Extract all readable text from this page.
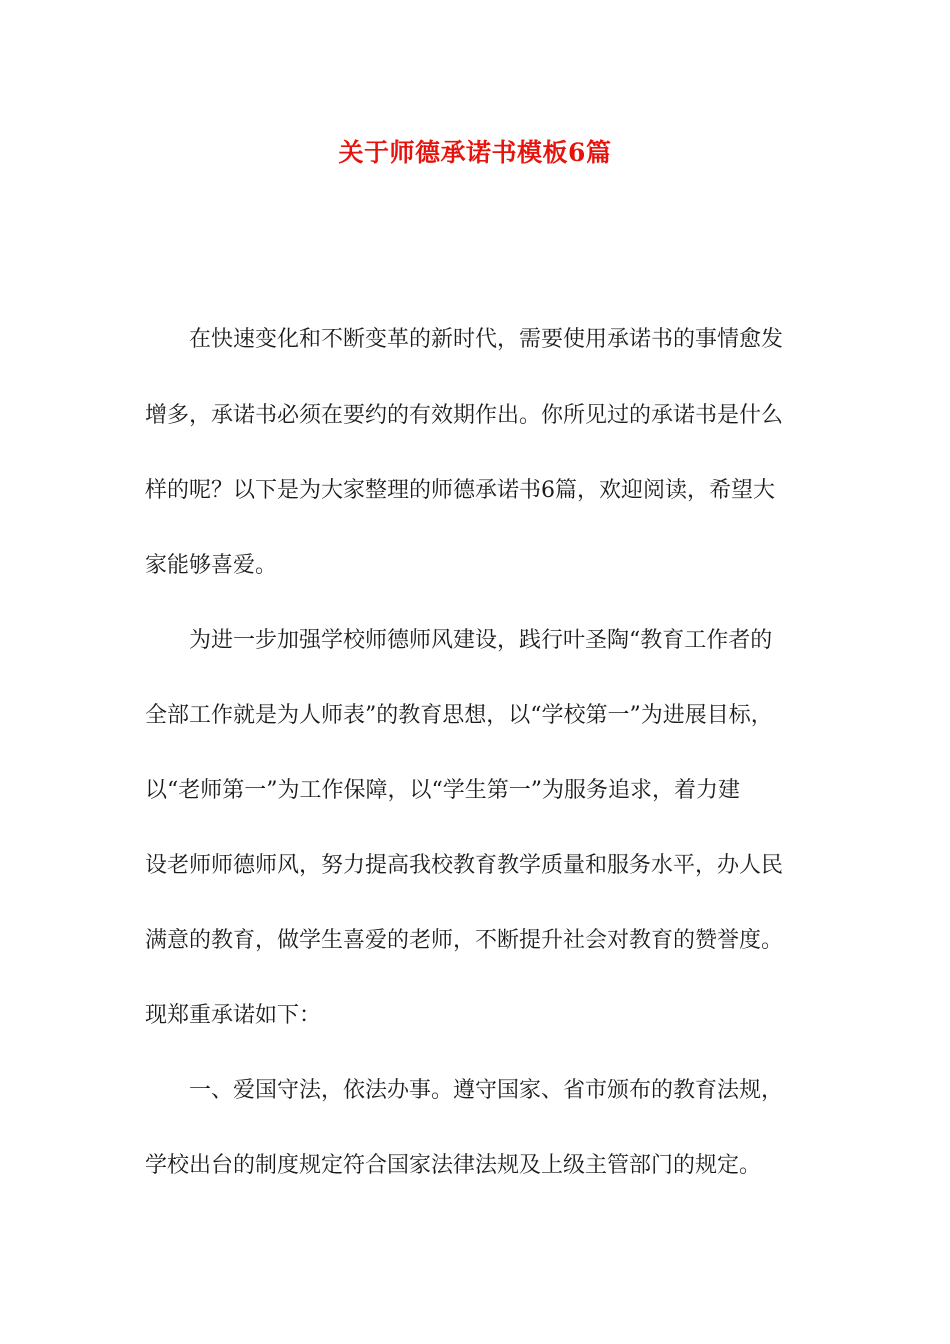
关于师德承诺书模板6篇

在快速变化和不断变革的新时代，需要使用承诺书的事情愈发

增多，承诺书必须在要约的有效期作出。你所见过的承诺书是什么

样的呢？以下是为大家整理的师德承诺书6篇，欢迎阅读，希望大

家能够喜爱。

为进一步加强学校师德师风建设，践行叶圣陶“教育工作者的

全部工作就是为人师表”的教育思想，以“学校第一”为进展目标，

以“老师第一”为工作保障，以“学生第一”为服务追求，着力建

设老师师德师风，努力提高我校教育教学质量和服务水平，办人民

满意的教育，做学生喜爱的老师，不断提升社会对教育的赞誉度。

现郑重承诺如下：

一、爱国守法，依法办事。遵守国家、省市颁布的教育法规，

学校出台的制度规定符合国家法律法规及上级主管部门的规定。
